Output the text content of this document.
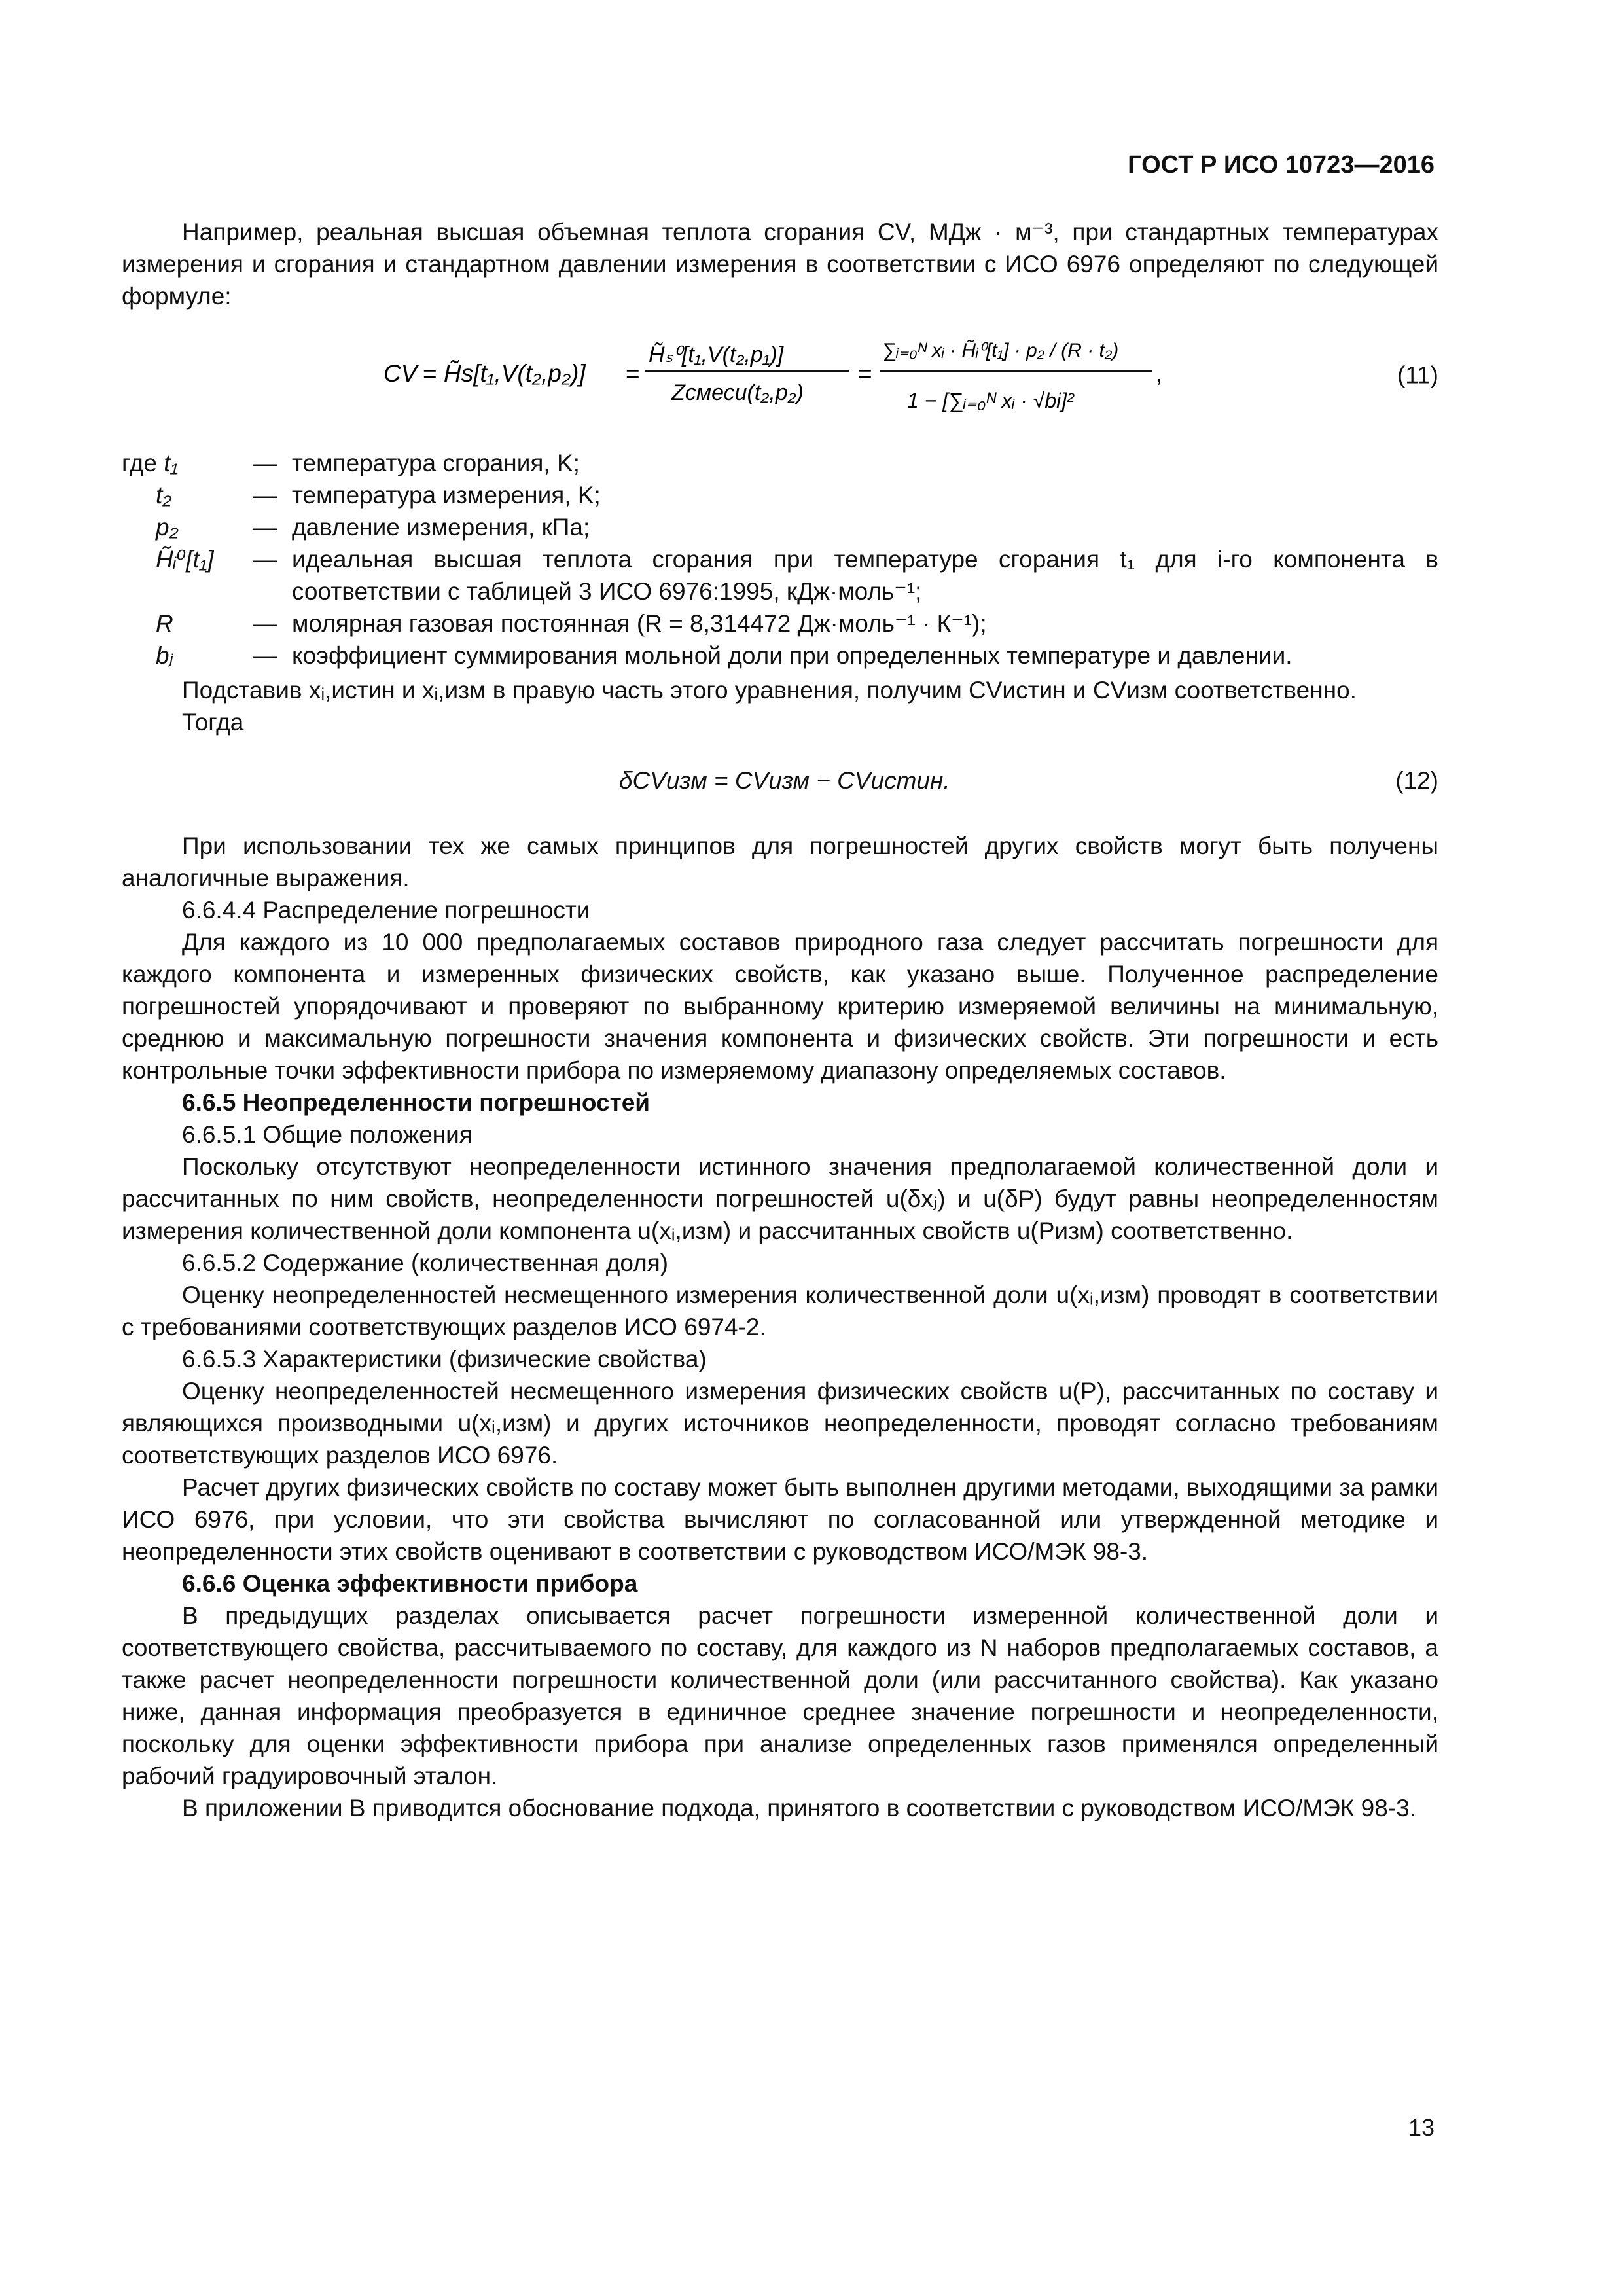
ГОСТ Р ИСО 10723—2016

Например, реальная высшая объемная теплота сгорания CV, МДж · м⁻³, при стандартных температурах измерения и сгорания и стандартном давлении измерения в соответствии с ИСО 6976 определяют по следующей формуле:

CV = H̃s[t₁,V(t₂,p₂)] =
H̃ₛ⁰[t₁,V(t₂,p₁)]
Zсмеси(t₂,p₂)
=
∑ᵢ₌₀ᴺ xᵢ · H̃ᵢ⁰[t₁] · p₂ / (R · t₂)
1 − [∑ᵢ₌₀ᴺ xᵢ · √bi]²
,	(11)
где t₁	— температура сгорания, K;
t₂	— температура измерения, K;
p₂	— давление измерения, кПа;
H̃ᵢ⁰[t₁]	— идеальная высшая теплота сгорания при температуре сгорания t₁ для i-го компонента в соответствии с таблицей 3 ИСО 6976:1995, кДж·моль⁻¹;
R	— молярная газовая постоянная (R = 8,314472 Дж·моль⁻¹ · К⁻¹);
bⱼ	— коэффициент суммирования мольной доли при определенных температуре и давлении.

Подставив xᵢ,истин и xᵢ,изм в правую часть этого уравнения, получим CVистин и CVизм соответственно.

Тогда

δCVизм = CVизм − CVистин.	(12)

При использовании тех же самых принципов для погрешностей других свойств могут быть получены аналогичные выражения.

6.6.4.4 Распределение погрешности

Для каждого из 10 000 предполагаемых составов природного газа следует рассчитать погрешности для каждого компонента и измеренных физических свойств, как указано выше. Полученное распределение погрешностей упорядочивают и проверяют по выбранному критерию измеряемой величины на минимальную, среднюю и максимальную погрешности значения компонента и физических свойств. Эти погрешности и есть контрольные точки эффективности прибора по измеряемому диапазону определяемых составов.

6.6.5 Неопределенности погрешностей

6.6.5.1 Общие положения

Поскольку отсутствуют неопределенности истинного значения предполагаемой количественной доли и рассчитанных по ним свойств, неопределенности погрешностей u(δxⱼ) и u(δP) будут равны неопределенностям измерения количественной доли компонента u(xᵢ,изм) и рассчитанных свойств u(Pизм) соответственно.

6.6.5.2 Содержание (количественная доля)

Оценку неопределенностей несмещенного измерения количественной доли u(xᵢ,изм) проводят в соответствии с требованиями соответствующих разделов ИСО 6974-2.

6.6.5.3 Характеристики (физические свойства)

Оценку неопределенностей несмещенного измерения физических свойств u(P), рассчитанных по составу и являющихся производными u(xᵢ,изм) и других источников неопределенности, проводят согласно требованиям соответствующих разделов ИСО 6976.

Расчет других физических свойств по составу может быть выполнен другими методами, выходящими за рамки ИСО 6976, при условии, что эти свойства вычисляют по согласованной или утвержденной методике и неопределенности этих свойств оценивают в соответствии с руководством ИСО/МЭК 98-3.

6.6.6 Оценка эффективности прибора

В предыдущих разделах описывается расчет погрешности измеренной количественной доли и соответствующего свойства, рассчитываемого по составу, для каждого из N наборов предполагаемых составов, а также расчет неопределенности погрешности количественной доли (или рассчитанного свойства). Как указано ниже, данная информация преобразуется в единичное среднее значение погрешности и неопределенности, поскольку для оценки эффективности прибора при анализе определенных газов применялся определенный рабочий градуировочный эталон.

В приложении В приводится обоснование подхода, принятого в соответствии с руководством ИСО/МЭК 98-3.

13
